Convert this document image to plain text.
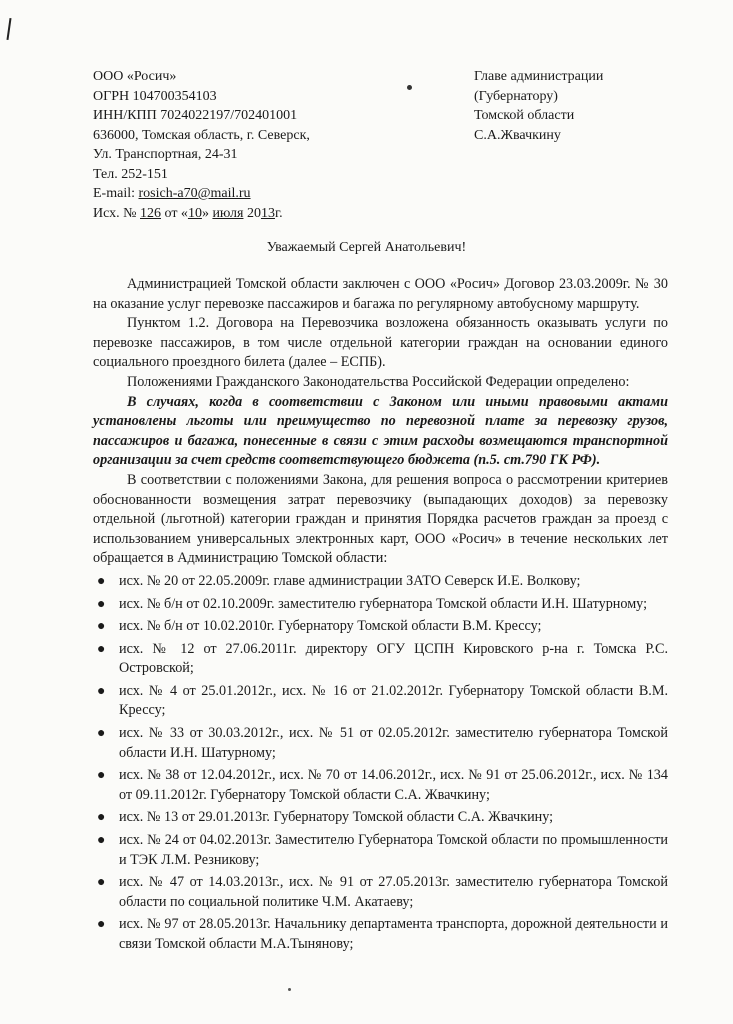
ООО «Росич»
ОГРН 104700354103
ИНН/КПП 7024022197/702401001
636000, Томская область, г. Северск,
Ул. Транспортная, 24-31
Тел. 252-151
E-mail: rosich-a70@mail.ru
Исх. № 126 от «10» июля 2013г.
Главе администрации
(Губернатору)
Томской области
С.А.Жвачкину
Уважаемый Сергей Анатольевич!

Администрацией Томской области заключен с ООО «Росич» Договор 23.03.2009г. № 30 на оказание услуг перевозке пассажиров и багажа по регулярному автобусному маршруту.

Пунктом 1.2. Договора на Перевозчика возложена обязанность оказывать услуги по перевозке пассажиров, в том числе отдельной категории граждан на основании единого социального проездного билета (далее – ЕСПБ).

Положениями Гражданского Законодательства Российской Федерации определено:

В случаях, когда в соответствии с Законом или иными правовыми актами установлены льготы или преимущество по перевозной плате за перевозку грузов, пассажиров и багажа, понесенные в связи с этим расходы возмещаются транспортной организации за счет средств соответствующего бюджета (п.5. ст.790 ГК РФ).

В соответствии с положениями Закона, для решения вопроса о рассмотрении критериев обоснованности возмещения затрат перевозчику (выпадающих доходов) за перевозку отдельной (льготной) категории граждан и принятия Порядка расчетов граждан за проезд с использованием универсальных электронных карт, ООО «Росич» в течение нескольких лет обращается в Администрацию Томской области:

● исх. № 20 от 22.05.2009г. главе администрации ЗАТО Северск И.Е. Волкову;
● исх. № б/н от 02.10.2009г. заместителю губернатора Томской области И.Н. Шатурному;
● исх. № б/н от 10.02.2010г. Губернатору Томской области В.М. Крессу;
● исх. № 12 от 27.06.2011г. директору ОГУ ЦСПН Кировского р-на г. Томска Р.С. Островской;
● исх. № 4 от 25.01.2012г., исх. № 16 от 21.02.2012г. Губернатору Томской области В.М. Крессу;
● исх. № 33 от 30.03.2012г., исх. № 51 от 02.05.2012г. заместителю губернатора Томской области И.Н. Шатурному;
● исх. № 38 от 12.04.2012г., исх. № 70 от 14.06.2012г., исх. № 91 от 25.06.2012г., исх. № 134 от 09.11.2012г. Губернатору Томской области С.А. Жвачкину;
● исх. № 13 от 29.01.2013г. Губернатору Томской области С.А. Жвачкину;
● исх. № 24 от 04.02.2013г. Заместителю Губернатора Томской области по промышленности и ТЭК Л.М. Резникову;
● исх. № 47 от 14.03.2013г., исх. № 91 от 27.05.2013г. заместителю губернатора Томской области по социальной политике Ч.М. Акатаеву;
● исх. № 97 от 28.05.2013г. Начальнику департамента транспорта, дорожной деятельности и связи Томской области М.А.Тынянову;
